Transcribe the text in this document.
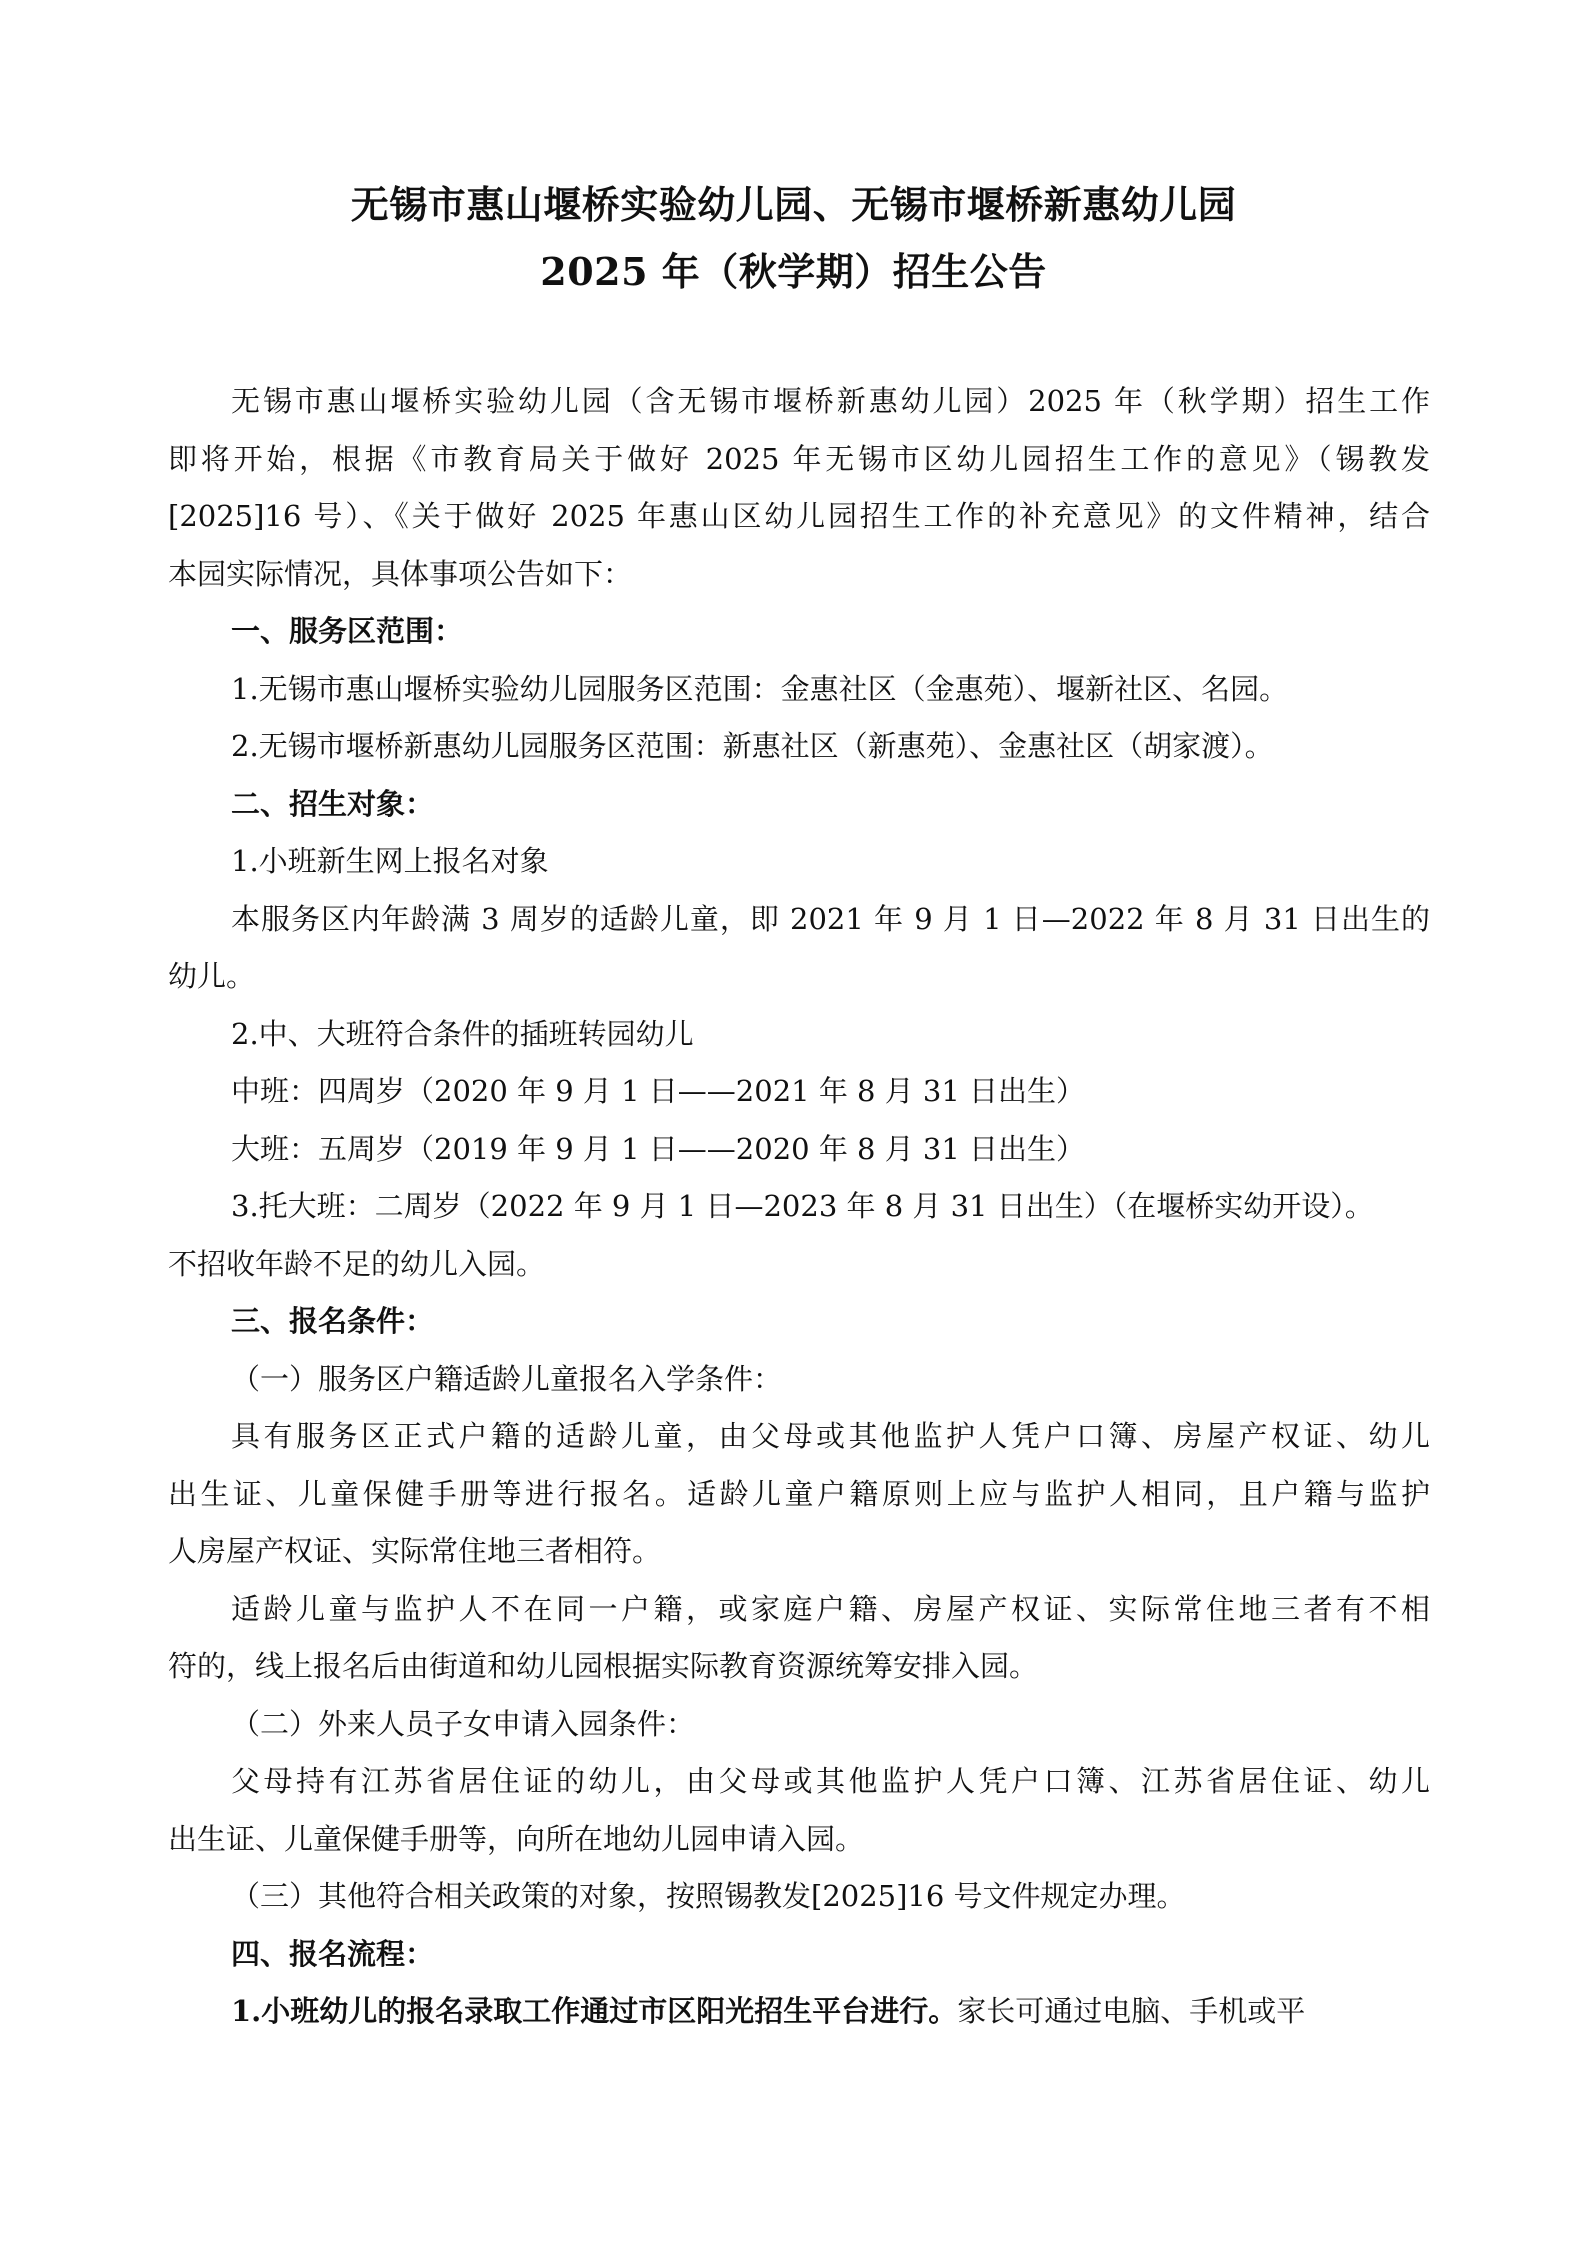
无锡市惠山堰桥实验幼儿园、无锡市堰桥新惠幼儿园
2025 年（秋学期）招生公告
无锡市惠山堰桥实验幼儿园（含无锡市堰桥新惠幼儿园）2025 年（秋学期）招生工作
即将开始，根据《市教育局关于做好 2025 年无锡市区幼儿园招生工作的意见》（锡教发
[2025]16 号）、《关于做好 2025 年惠山区幼儿园招生工作的补充意见》的文件精神，结合
本园实际情况，具体事项公告如下：
一、服务区范围：
1.无锡市惠山堰桥实验幼儿园服务区范围：金惠社区（金惠苑）、堰新社区、名园。
2.无锡市堰桥新惠幼儿园服务区范围：新惠社区（新惠苑）、金惠社区（胡家渡）。
二、招生对象：
1.小班新生网上报名对象
本服务区内年龄满 3 周岁的适龄儿童，即 2021 年 9 月 1 日—2022 年 8 月 31 日出生的
幼儿。
2.中、大班符合条件的插班转园幼儿
中班：四周岁（2020 年 9 月 1 日——2021 年 8 月 31 日出生）
大班：五周岁（2019 年 9 月 1 日——2020 年 8 月 31 日出生）
3.托大班：二周岁（2022 年 9 月 1 日—2023 年 8 月 31 日出生）（在堰桥实幼开设）。
不招收年龄不足的幼儿入园。
三、报名条件：
（一）服务区户籍适龄儿童报名入学条件：
具有服务区正式户籍的适龄儿童，由父母或其他监护人凭户口簿、房屋产权证、幼儿
出生证、儿童保健手册等进行报名。适龄儿童户籍原则上应与监护人相同，且户籍与监护
人房屋产权证、实际常住地三者相符。
适龄儿童与监护人不在同一户籍，或家庭户籍、房屋产权证、实际常住地三者有不相
符的，线上报名后由街道和幼儿园根据实际教育资源统筹安排入园。
（二）外来人员子女申请入园条件：
父母持有江苏省居住证的幼儿，由父母或其他监护人凭户口簿、江苏省居住证、幼儿
出生证、儿童保健手册等，向所在地幼儿园申请入园。
（三）其他符合相关政策的对象，按照锡教发[2025]16 号文件规定办理。
四、报名流程：
1.小班幼儿的报名录取工作通过市区阳光招生平台进行。家长可通过电脑、手机或平
